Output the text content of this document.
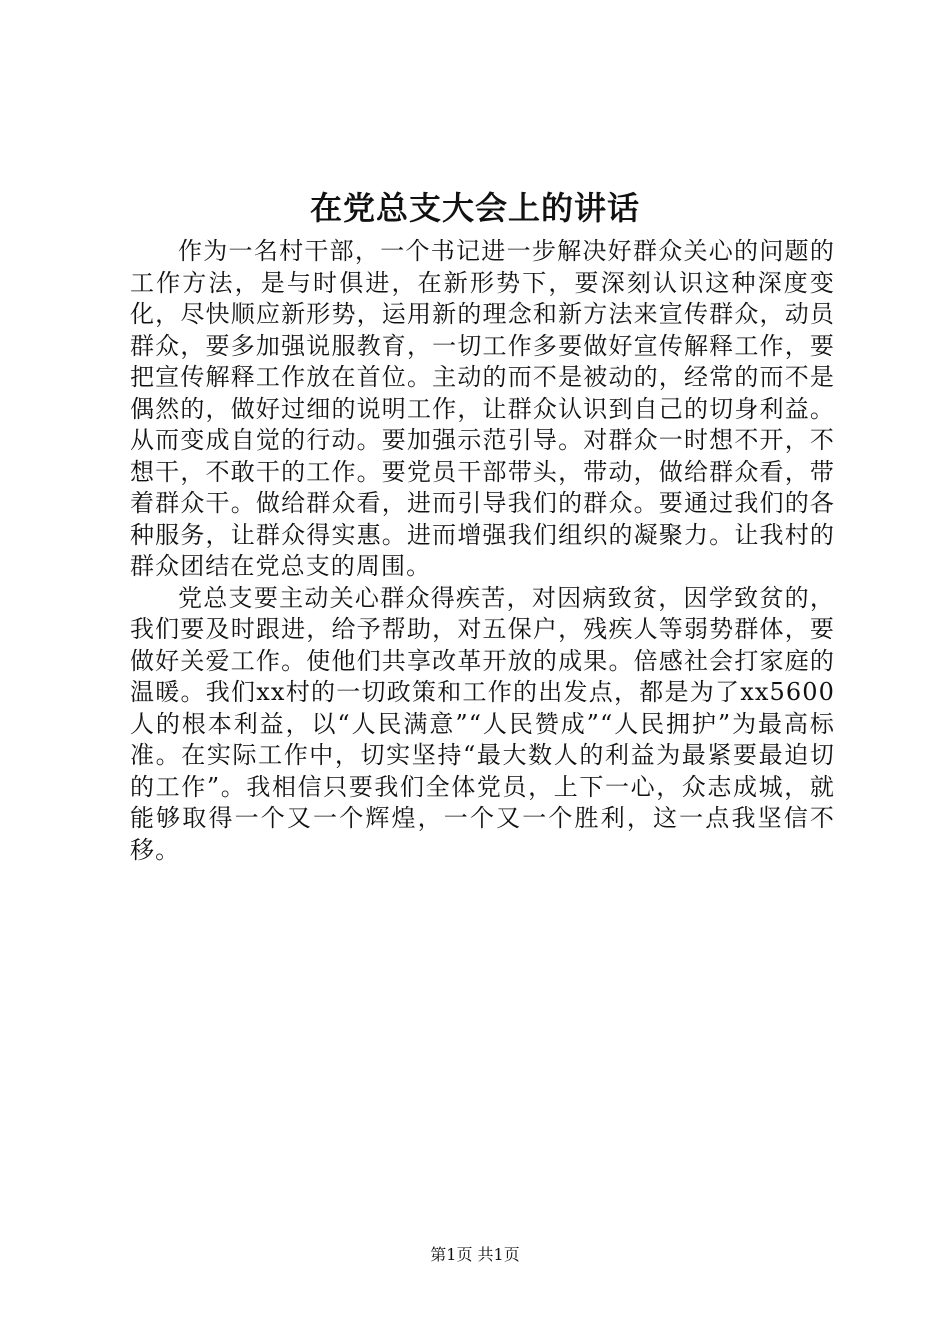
在党总支大会上的讲话

作为一名村干部，一个书记进一步解决好群众关心的问题的工作方法，是与时俱进，在新形势下，要深刻认识这种深度变化，尽快顺应新形势，运用新的理念和新方法来宣传群众，动员群众，要多加强说服教育，一切工作多要做好宣传解释工作，要把宣传解释工作放在首位。主动的而不是被动的，经常的而不是偶然的，做好过细的说明工作，让群众认识到自己的切身利益。从而变成自觉的行动。要加强示范引导。对群众一时想不开，不想干，不敢干的工作。要党员干部带头，带动，做给群众看，带着群众干。做给群众看，进而引导我们的群众。要通过我们的各种服务，让群众得实惠。进而增强我们组织的凝聚力。让我村的群众团结在党总支的周围。

党总支要主动关心群众得疾苦，对因病致贫，因学致贫的，我们要及时跟进，给予帮助，对五保户，残疾人等弱势群体，要做好关爱工作。使他们共享改革开放的成果。倍感社会打家庭的温暖。我们xx村的一切政策和工作的出发点，都是为了xx5600人的根本利益，以“人民满意”“人民赞成”“人民拥护”为最高标准。在实际工作中，切实坚持“最大数人的利益为最紧要最迫切的工作”。我相信只要我们全体党员，上下一心，众志成城，就能够取得一个又一个辉煌，一个又一个胜利，这一点我坚信不移。

第1页 共1页
